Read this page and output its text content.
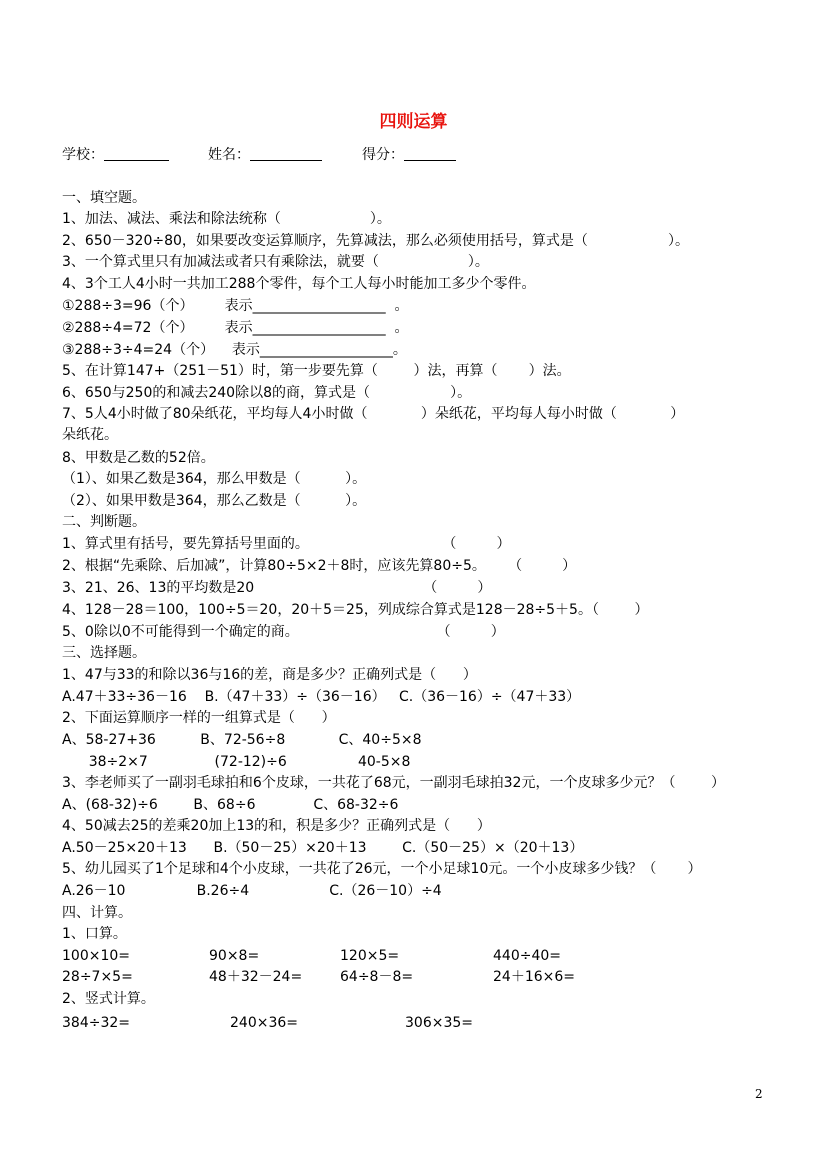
四则运算
学校：	姓名：	得分：
一、填空题。
1、加法、减法、乘法和除法统称（                    ）。
2、650－320÷80，如果要改变运算顺序，先算减法，那么必须使用括号，算式是（                  ）。
3、一个算式里只有加减法或者只有乘除法，就要（                    ）。
4、3个工人4小时一共加工288个零件，每个工人每小时能加工多少个零件。
①288÷3=96（个）       表示___________________  。
②288÷4=72（个）       表示___________________  。
③288÷3÷4=24（个）    表示___________________。
5、在计算147+（251－51）时，第一步要先算（        ）法，再算（       ）法。
6、650与250的和减去240除以8的商，算式是（                  ）。
7、5人4小时做了80朵纸花，平均每人4小时做（            ）朵纸花，平均每人每小时做（            ）
朵纸花。
8、甲数是乙数的52倍。
（1）、如果乙数是364，那么甲数是（          ）。
（2）、如果甲数是364，那么乙数是（          ）。
二、判断题。
1、算式里有括号，要先算括号里面的。                              （         ）
2、根据“先乘除、后加减”，计算80÷5×2＋8时，应该先算80÷5。     （         ）
3、21、26、13的平均数是20                                      （         ）
4、128－28＝100，100÷5＝20，20＋5＝25，列成综合算式是128－28÷5＋5。（        ）
5、0除以0不可能得到一个确定的商。                               （         ）
三、选择题。
1、47与33的和除以36与16的差，商是多少？正确列式是（      ）
A.47＋33÷36－16    B.（47＋33）÷（36－16）   C.（36－16）÷（47＋33）
2、下面运算顺序一样的一组算式是（      ）
A、58-27+36          B、72-56÷8            C、40÷5×8
38÷2×7               (72-12)÷6                40-5×8
3、李老师买了一副羽毛球拍和6个皮球，一共花了68元，一副羽毛球拍32元，一个皮球多少元？（        ）
A、(68-32)÷6        B、68÷6             C、68-32÷6
4、50减去25的差乘20加上13的和，积是多少？正确列式是（      ）
A.50－25×20＋13      B.（50－25）×20＋13        C.（50－25）×（20＋13）
5、幼儿园买了1个足球和4个小皮球，一共花了26元，一个小足球10元。一个小皮球多少钱？（       ）
A.26－10                B.26÷4                  C.（26－10）÷4
四、计算。
1、口算。
100×10=	90×8=	120×5=	440÷40=
28÷7×5=	48＋32－24=	64÷8－8=	24＋16×6=
2、竖式计算。
384÷32=	240×36=	306×35=
2
